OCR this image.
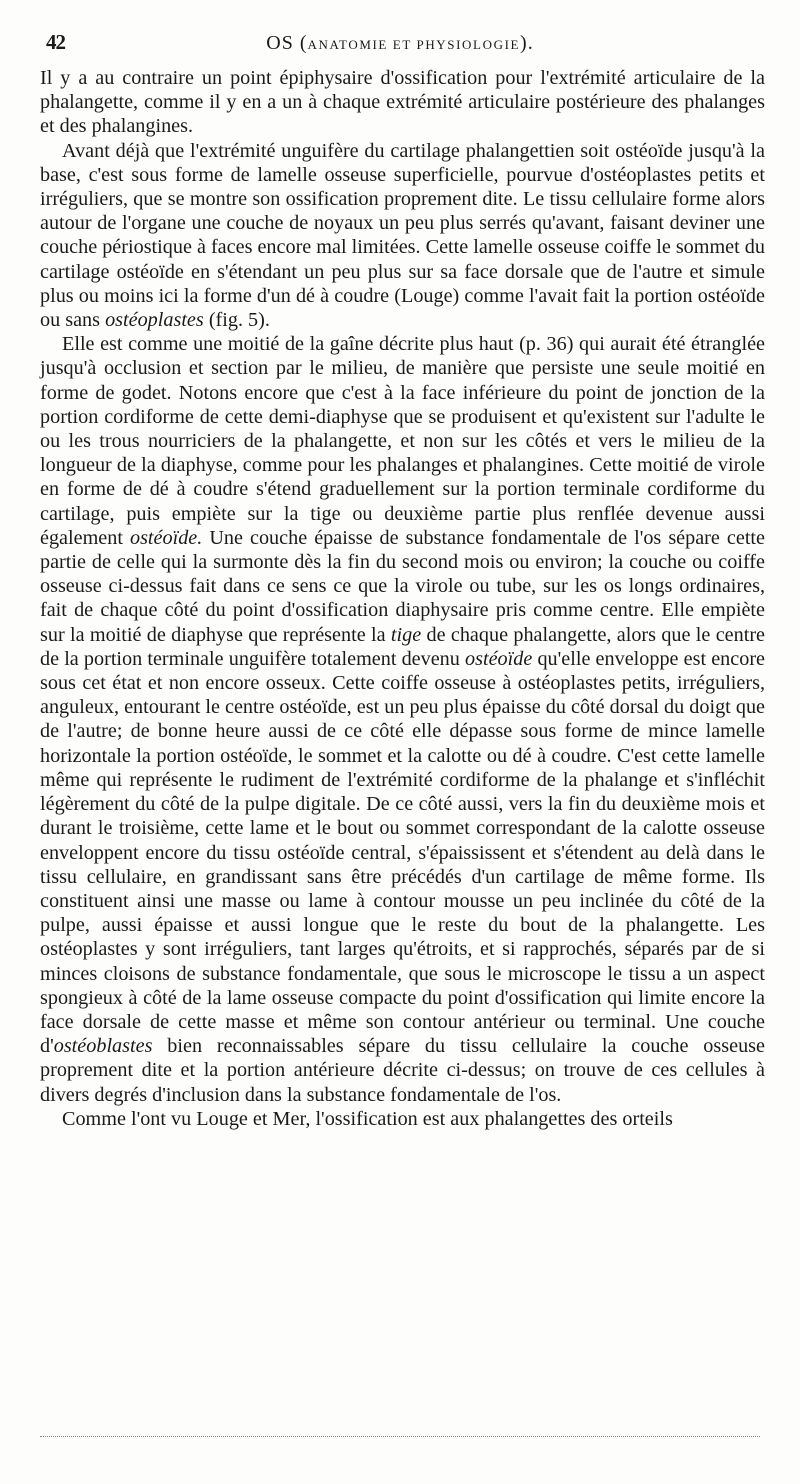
42	OS (ANATOMIE ET PHYSIOLOGIE).

Il y a au contraire un point épiphysaire d'ossification pour l'extrémité articulaire de la phalangette, comme il y en a un à chaque extrémité articulaire postérieure des phalanges et des phalangines.

Avant déjà que l'extrémité unguifère du cartilage phalangettien soit ostéoïde jusqu'à la base, c'est sous forme de lamelle osseuse superficielle, pourvue d'ostéoplastes petits et irréguliers, que se montre son ossification proprement dite. Le tissu cellulaire forme alors autour de l'organe une couche de noyaux un peu plus serrés qu'avant, faisant deviner une couche périostique à faces encore mal limitées. Cette lamelle osseuse coiffe le sommet du cartilage ostéoïde en s'étendant un peu plus sur sa face dorsale que de l'autre et simule plus ou moins ici la forme d'un dé à coudre (Louge) comme l'avait fait la portion ostéoïde ou sans ostéoplastes (fig. 5).

Elle est comme une moitié de la gaîne décrite plus haut (p. 36) qui aurait été étranglée jusqu'à occlusion et section par le milieu, de manière que persiste une seule moitié en forme de godet. Notons encore que c'est à la face inférieure du point de jonction de la portion cordiforme de cette demi-diaphyse que se produisent et qu'existent sur l'adulte le ou les trous nourriciers de la phalangette, et non sur les côtés et vers le milieu de la longueur de la diaphyse, comme pour les phalanges et phalangines. Cette moitié de virole en forme de dé à coudre s'étend graduellement sur la portion terminale cordiforme du cartilage, puis empiète sur la tige ou deuxième partie plus renflée devenue aussi également ostéoïde. Une couche épaisse de substance fondamentale de l'os sépare cette partie de celle qui la surmonte dès la fin du second mois ou environ; la couche ou coiffe osseuse ci-dessus fait dans ce sens ce que la virole ou tube, sur les os longs ordinaires, fait de chaque côté du point d'ossification diaphysaire pris comme centre. Elle empiète sur la moitié de diaphyse que représente la tige de chaque phalangette, alors que le centre de la portion terminale unguifère totalement devenu ostéoïde qu'elle enveloppe est encore sous cet état et non encore osseux. Cette coiffe osseuse à ostéoplastes petits, irréguliers, anguleux, entourant le centre ostéoïde, est un peu plus épaisse du côté dorsal du doigt que de l'autre; de bonne heure aussi de ce côté elle dépasse sous forme de mince lamelle horizontale la portion ostéoïde, le sommet et la calotte ou dé à coudre. C'est cette lamelle même qui représente le rudiment de l'extrémité cordiforme de la phalange et s'infléchit légèrement du côté de la pulpe digitale. De ce côté aussi, vers la fin du deuxième mois et durant le troisième, cette lame et le bout ou sommet correspondant de la calotte osseuse enveloppent encore du tissu ostéoïde central, s'épaississent et s'étendent au delà dans le tissu cellulaire, en grandissant sans être précédés d'un cartilage de même forme. Ils constituent ainsi une masse ou lame à contour mousse un peu inclinée du côté de la pulpe, aussi épaisse et aussi longue que le reste du bout de la phalangette. Les ostéoplastes y sont irréguliers, tant larges qu'étroits, et si rapprochés, séparés par de si minces cloisons de substance fondamentale, que sous le microscope le tissu a un aspect spongieux à côté de la lame osseuse compacte du point d'ossification qui limite encore la face dorsale de cette masse et même son contour antérieur ou terminal. Une couche d'ostéoblastes bien reconnaissables sépare du tissu cellulaire la couche osseuse proprement dite et la portion antérieure décrite ci-dessus; on trouve de ces cellules à divers degrés d'inclusion dans la substance fondamentale de l'os.

Comme l'ont vu Louge et Mer, l'ossification est aux phalangettes des orteils
